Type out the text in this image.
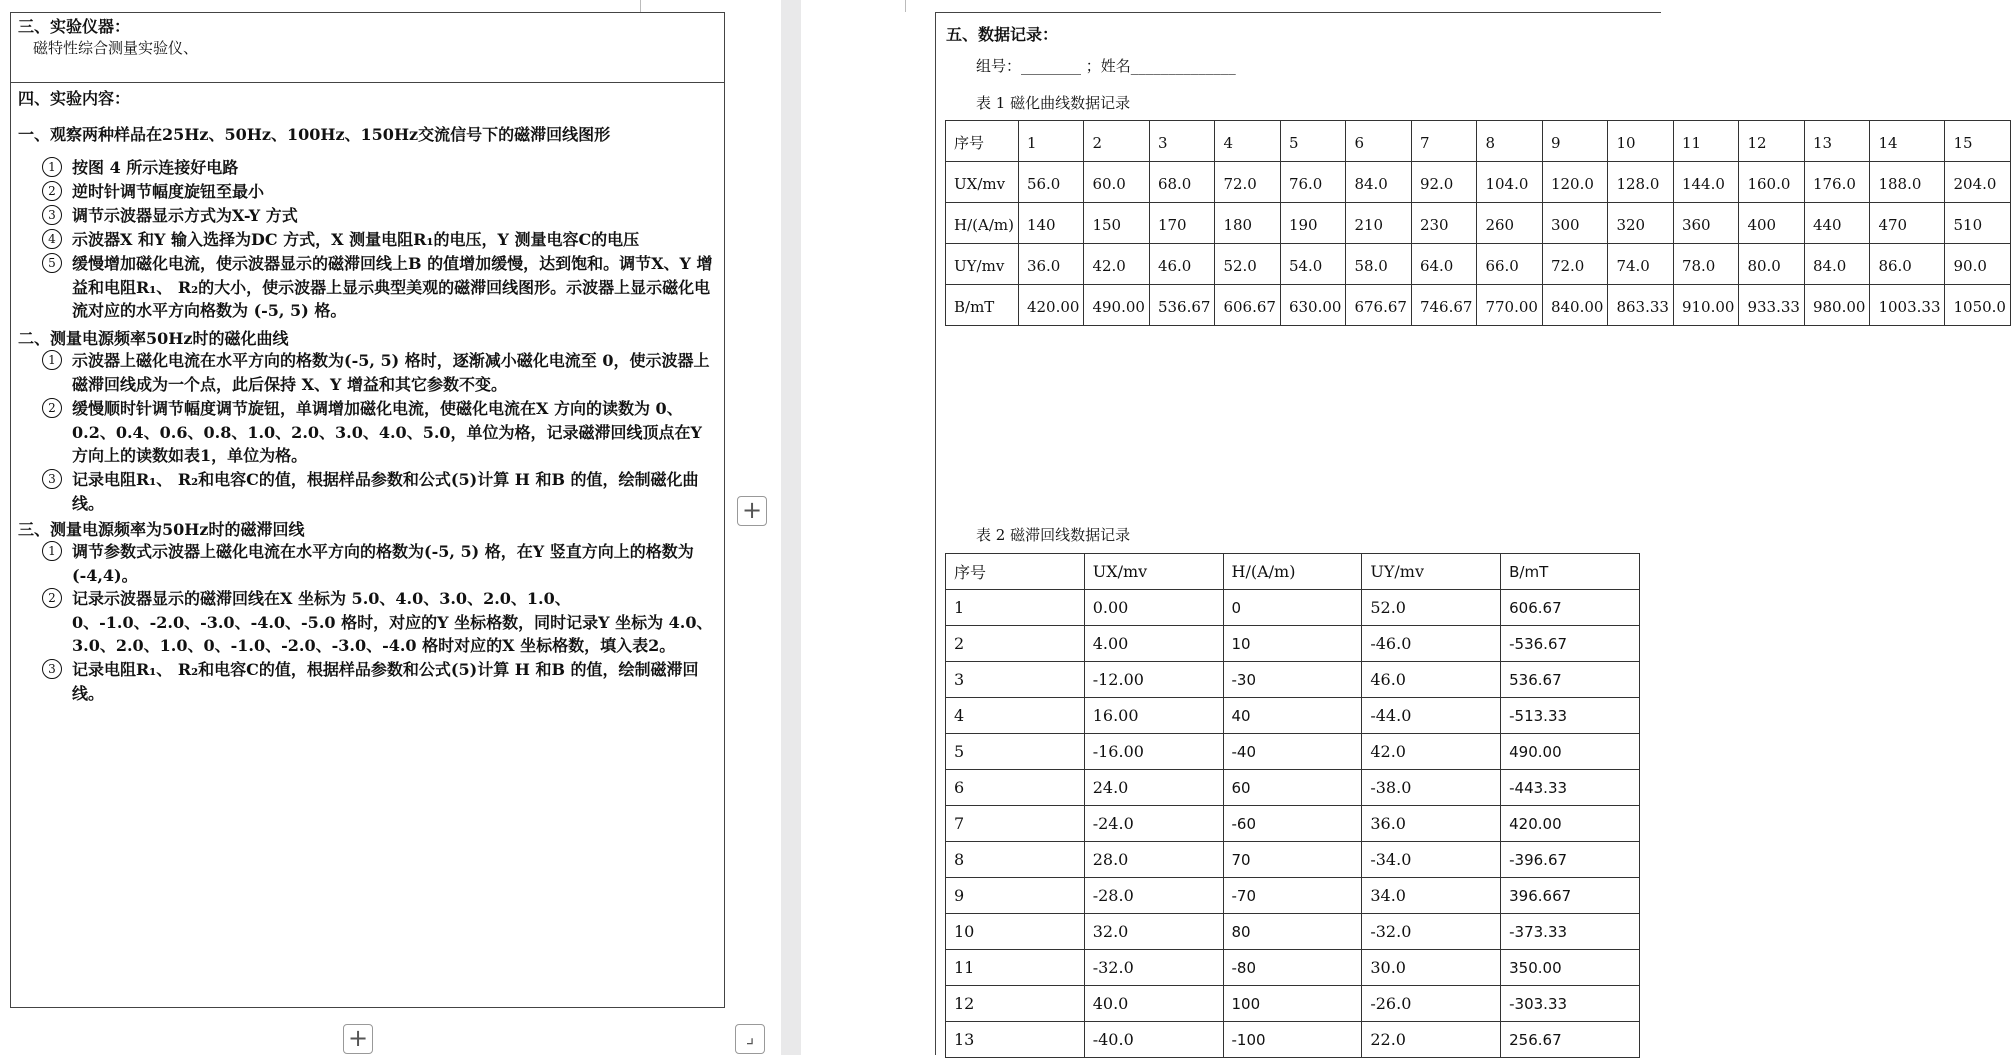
三、实验仪器：
磁特性综合测量实验仪、
四、实验内容：
一、观察两种样品在25Hz、50Hz、100Hz、150Hz交流信号下的磁滞回线图形
1	按图 4 所示连接好电路
2	逆时针调节幅度旋钮至最小
3	调节示波器显示方式为X-Y 方式
4	示波器X 和Y 输入选择为DC 方式，X 测量电阻R₁的电压，Y 测量电容C的电压
5	缓慢增加磁化电流，使示波器显示的磁滞回线上B 的值增加缓慢，达到饱和。调节X、Y 增益和电阻R₁、 R₂的大小，使示波器上显示典型美观的磁滞回线图形。示波器上显示磁化电流对应的水平方向格数为 (-5, 5) 格。
二、测量电源频率50Hz时的磁化曲线
1	示波器上磁化电流在水平方向的格数为(-5, 5) 格时，逐渐减小磁化电流至 0，使示波器上磁滞回线成为一个点，此后保持 X、Y 增益和其它参数不变。
2	缓慢顺时针调节幅度调节旋钮，单调增加磁化电流，使磁化电流在X 方向的读数为 0、0.2、0.4、0.6、0.8、1.0、2.0、3.0、4.0、5.0，单位为格，记录磁滞回线顶点在Y 方向上的读数如表1，单位为格。
3	记录电阻R₁、 R₂和电容C的值，根据样品参数和公式(5)计算 H 和B 的值，绘制磁化曲线。
三、测量电源频率为50Hz时的磁滞回线
1	调节参数式示波器上磁化电流在水平方向的格数为(-5, 5) 格，在Y 竖直方向上的格数为(-4,4)。
2	记录示波器显示的磁滞回线在X 坐标为 5.0、4.0、3.0、2.0、1.0、0、-1.0、-2.0、-3.0、-4.0、-5.0 格时，对应的Y 坐标格数，同时记录Y 坐标为 4.0、3.0、2.0、1.0、0、-1.0、-2.0、-3.0、-4.0 格时对应的X 坐标格数，填入表2。
3	记录电阻R₁、 R₂和电容C的值，根据样品参数和公式(5)计算 H 和B 的值，绘制磁滞回线。
+
+
⌟
五、数据记录：
组号：________ ；姓名______________
表 1 磁化曲线数据记录
序号	1	2	3	4	5	6	7	8	9	10	11	12	13	14	15
UX/mv	56.0	60.0	68.0	72.0	76.0	84.0	92.0	104.0	120.0	128.0	144.0	160.0	176.0	188.0	204.0
H/(A/m)	140	150	170	180	190	210	230	260	300	320	360	400	440	470	510
UY/mv	36.0	42.0	46.0	52.0	54.0	58.0	64.0	66.0	72.0	74.0	78.0	80.0	84.0	86.0	90.0
B/mT	420.00	490.00	536.67	606.67	630.00	676.67	746.67	770.00	840.00	863.33	910.00	933.33	980.00	1003.33	1050.0
表 2 磁滞回线数据记录
序号	UX/mv	H/(A/m)	UY/mv	B/mT
1	0.00	0	52.0	606.67
2	4.00	10	-46.0	-536.67
3	-12.00	-30	46.0	536.67
4	16.00	40	-44.0	-513.33
5	-16.00	-40	42.0	490.00
6	24.0	60	-38.0	-443.33
7	-24.0	-60	36.0	420.00
8	28.0	70	-34.0	-396.67
9	-28.0	-70	34.0	396.667
10	32.0	80	-32.0	-373.33
11	-32.0	-80	30.0	350.00
12	40.0	100	-26.0	-303.33
13	-40.0	-100	22.0	256.67
